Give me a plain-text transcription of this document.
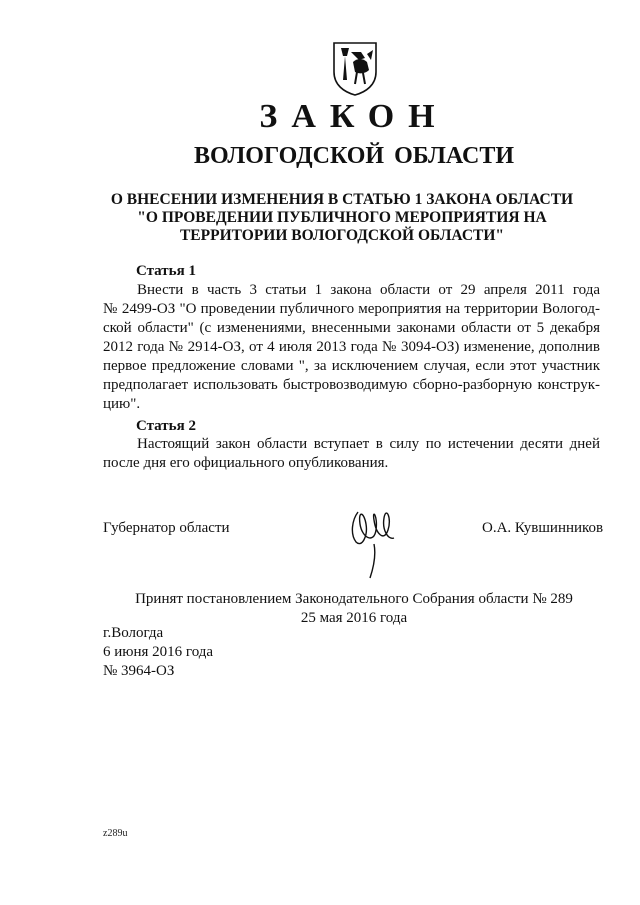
ЗАКОН
ВОЛОГОДСКОЙ ОБЛАСТИ
О ВНЕСЕНИИ ИЗМЕНЕНИЯ В СТАТЬЮ 1 ЗАКОНА ОБЛАСТИ
"О ПРОВЕДЕНИИ ПУБЛИЧНОГО МЕРОПРИЯТИЯ НА
ТЕРРИТОРИИ ВОЛОГОДСКОЙ ОБЛАСТИ"
Статья 1
Внести в часть 3 статьи 1 закона области от 29 апреля 2011 года
№ 2499-ОЗ "О проведении публичного мероприятия на территории Вологод-
ской области" (с изменениями, внесенными законами области от 5 декабря
2012 года № 2914-ОЗ, от 4 июля 2013 года № 3094-ОЗ) изменение, дополнив
первое предложение словами ", за исключением случая, если этот участник
предполагает использовать быстровозводимую сборно-разборную конструк-
цию".
Статья 2
Настоящий закон области вступает в силу по истечении десяти дней
после дня его официального опубликования.
Губернатор области	О.А. Кувшинников
Принят постановлением Законодательного Собрания области № 289
25 мая 2016 года
г.Вологда
6 июня 2016 года
№ 3964-ОЗ
z289u
